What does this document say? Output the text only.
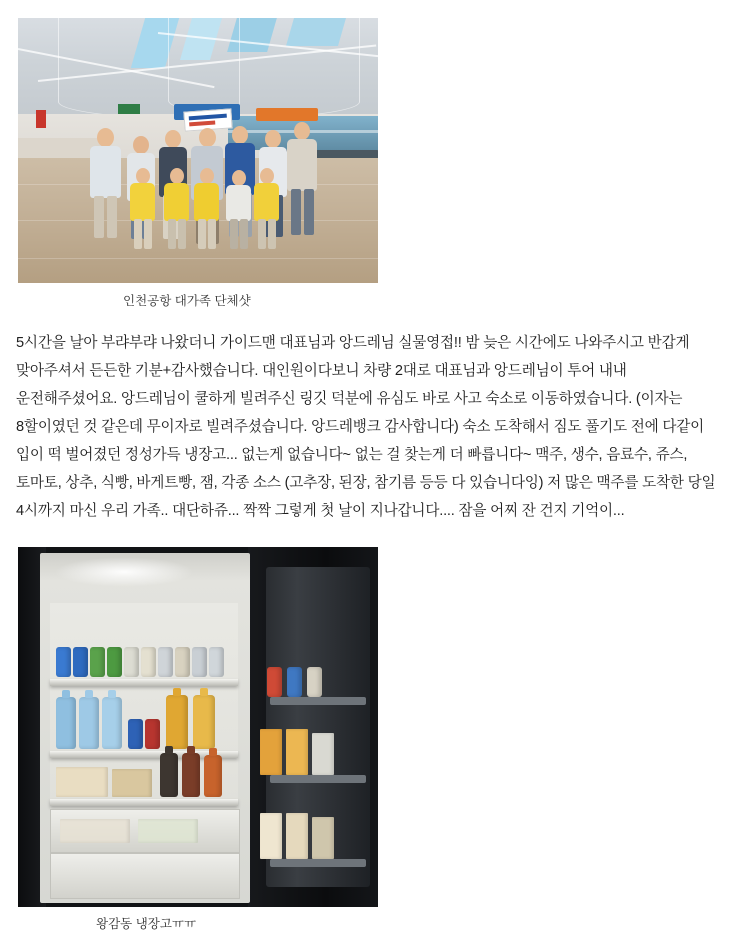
인천공항 대가족 단체샷

5시간을 날아 부랴부랴 나왔더니 가이드맨 대표님과 앙드레님 실물영접!! 밤 늦은 시간에도 나와주시고 반갑게 맞아주셔서 든든한 기분+감사했습니다. 대인원이다보니 차량 2대로 대표님과 앙드레님이 투어 내내 운전해주셨어요. 앙드레님이 쿨하게 빌려주신 링깃 덕분에 유심도 바로 사고 숙소로 이동하였습니다. (이자는 8할이였던 것 같은데 무이자로 빌려주셨습니다. 앙드레뱅크 감사합니다) 숙소 도착해서 짐도 풀기도 전에 다같이 입이 떡 벌어졌던 정성가득 냉장고... 없는게 없습니다~ 없는 걸 찾는게 더 빠릅니다~ 맥주, 생수, 음료수, 쥬스, 토마토, 상추, 식빵, 바게트빵, 잼, 각종 소스 (고추장, 된장, 참기름 등등 다 있습니다잉) 저 많은 맥주를 도착한 당일 4시까지 마신 우리 가족.. 대단하쥬... 짝짝 그렇게 첫 날이 지나갑니다.... 잠을 어찌 잔 건지 기억이...

왕감동 냉장고ㅠㅠ
